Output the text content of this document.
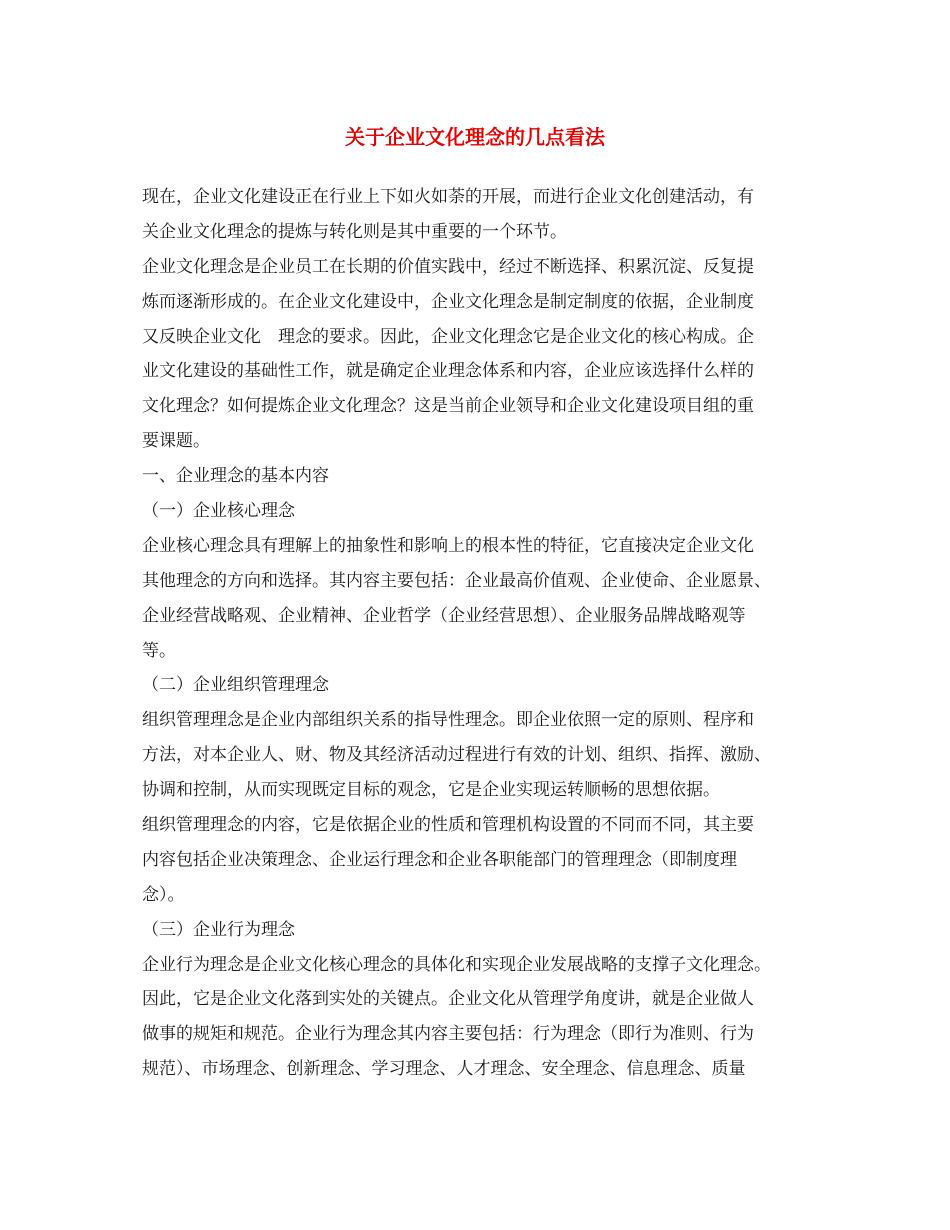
关于企业文化理念的几点看法
现在，企业文化建设正在行业上下如火如荼的开展，而进行企业文化创建活动，有
关企业文化理念的提炼与转化则是其中重要的一个环节。
企业文化理念是企业员工在长期的价值实践中，经过不断选择、积累沉淀、反复提
炼而逐渐形成的。在企业文化建设中，企业文化理念是制定制度的依据，企业制度
又反映企业文化　理念的要求。因此，企业文化理念它是企业文化的核心构成。企
业文化建设的基础性工作，就是确定企业理念体系和内容，企业应该选择什么样的
文化理念？如何提炼企业文化理念？这是当前企业领导和企业文化建设项目组的重
要课题。
一、企业理念的基本内容
（一）企业核心理念
企业核心理念具有理解上的抽象性和影响上的根本性的特征，它直接决定企业文化
其他理念的方向和选择。其内容主要包括：企业最高价值观、企业使命、企业愿景、
企业经营战略观、企业精神、企业哲学（企业经营思想）、企业服务品牌战略观等
等。
（二）企业组织管理理念
组织管理理念是企业内部组织关系的指导性理念。即企业依照一定的原则、程序和
方法，对本企业人、财、物及其经济活动过程进行有效的计划、组织、指挥、激励、
协调和控制，从而实现既定目标的观念，它是企业实现运转顺畅的思想依据。
组织管理理念的内容，它是依据企业的性质和管理机构设置的不同而不同，其主要
内容包括企业决策理念、企业运行理念和企业各职能部门的管理理念（即制度理
念）。
（三）企业行为理念
企业行为理念是企业文化核心理念的具体化和实现企业发展战略的支撑子文化理念。
因此，它是企业文化落到实处的关键点。企业文化从管理学角度讲，就是企业做人
做事的规矩和规范。企业行为理念其内容主要包括：行为理念（即行为准则、行为
规范）、市场理念、创新理念、学习理念、人才理念、安全理念、信息理念、质量
